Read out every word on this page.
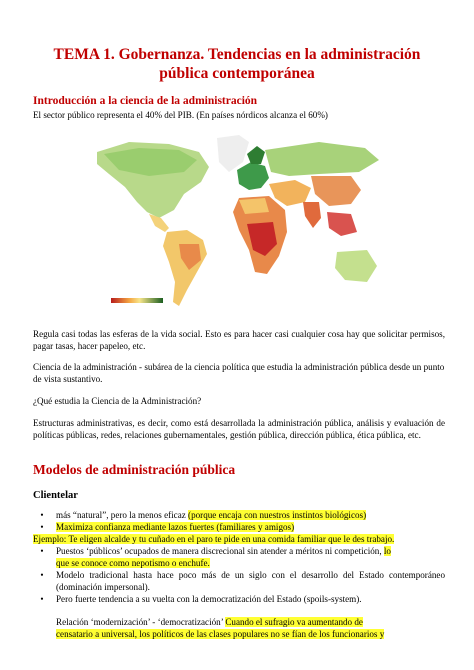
TEMA 1. Gobernanza. Tendencias en la administración
pública contemporánea
Introducción a la ciencia de la administración
El sector público representa el 40% del PIB. (En países nórdicos alcanza el 60%)
Regula casi todas las esferas de la vida social. Esto es para hacer casi cualquier cosa hay que solicitar permisos, pagar tasas, hacer papeleo, etc.
Ciencia de la administración - subárea de la ciencia política que estudia la administración pública desde un punto de vista sustantivo.
¿Qué estudia la Ciencia de la Administración?
Estructuras administrativas, es decir, como está desarrollada la administración pública, análisis y evaluación de políticas públicas, redes, relaciones gubernamentales, gestión pública, dirección pública, ética pública, etc.
Modelos de administración pública
Clientelar
•	más “natural”, pero la menos eficaz (porque encaja con nuestros instintos biológicos)
•	Maximiza confianza mediante lazos fuertes (familiares y amigos)
Ejemplo: Te eligen alcalde y tu cuñado en el paro te pide en una comida familiar que le des trabajo.
•	Puestos ‘públicos’ ocupados de manera discrecional sin atender a méritos ni competición, lo
que se conoce como nepotismo o enchufe.
•	Modelo tradicional hasta hace poco más de un siglo con el desarrollo del Estado contemporáneo (dominación impersonal).
•	Pero fuerte tendencia a su vuelta con la democratización del Estado (spoils-system).
Relación ‘modernización’ - ‘democratización’ Cuando el sufragio va aumentando de
censatario a universal, los políticos de las clases populares no se fían de los funcionarios y
